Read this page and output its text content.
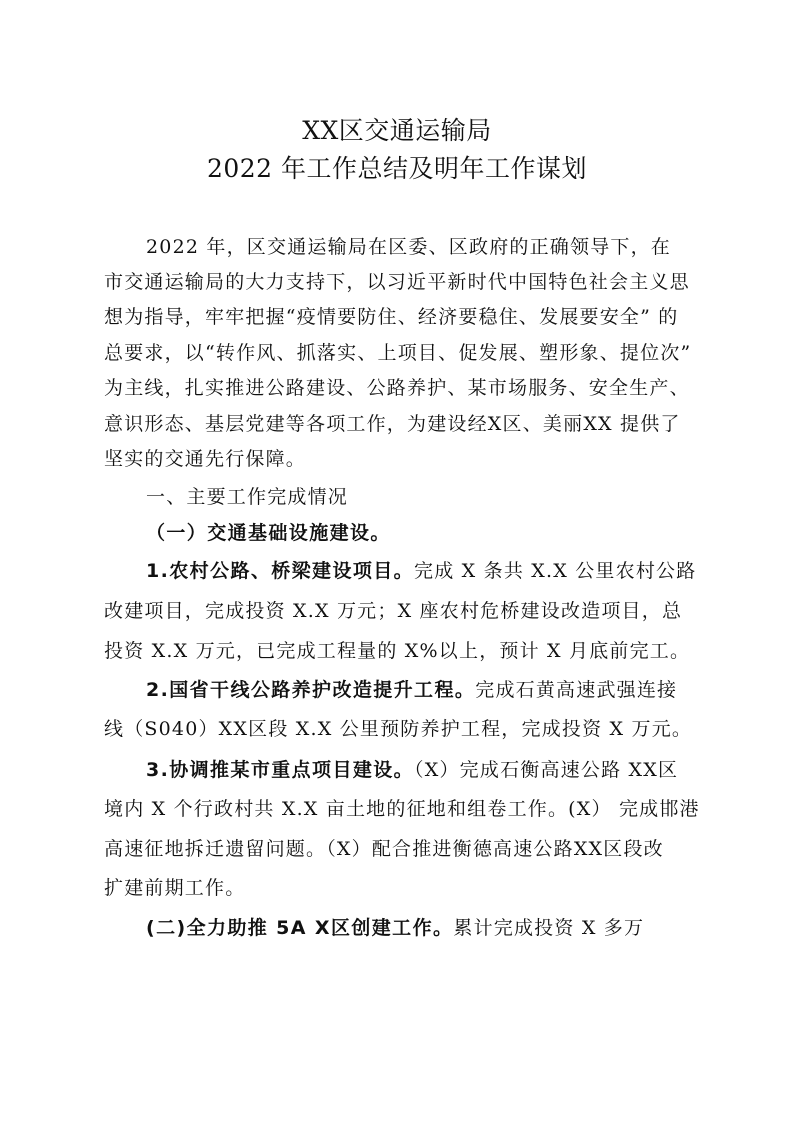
XX区交通运输局
2022 年工作总结及明年工作谋划
2022 年，区交通运输局在区委、区政府的正确领导下，在
市交通运输局的大力支持下，以习近平新时代中国特色社会主义思
想为指导，牢牢把握“疫情要防住、经济要稳住、发展要安全” 的
总要求，以“转作风、抓落实、上项目、促发展、塑形象、提位次”
为主线，扎实推进公路建设、公路养护、某市场服务、安全生产、
意识形态、基层党建等各项工作，为建设经X区、美丽XX 提供了
坚实的交通先行保障。
一、主要工作完成情况
（一）交通基础设施建设。
1.农村公路、桥梁建设项目。完成 X 条共 X.X 公里农村公路
改建项目，完成投资 X.X 万元；X 座农村危桥建设改造项目，总
投资 X.X 万元，已完成工程量的 X%以上，预计 X 月底前完工。
2.国省干线公路养护改造提升工程。完成石黄高速武强连接
线（S040）XX区段 X.X 公里预防养护工程，完成投资 X 万元。
3.协调推某市重点项目建设。（X）完成石衡高速公路 XX区
境内 X 个行政村共 X.X 亩土地的征地和组卷工作。(X） 完成邯港
高速征地拆迁遗留问题。（X）配合推进衡德高速公路XX区段改
扩建前期工作。
(二)全力助推 5A X区创建工作。累计完成投资 X 多万
